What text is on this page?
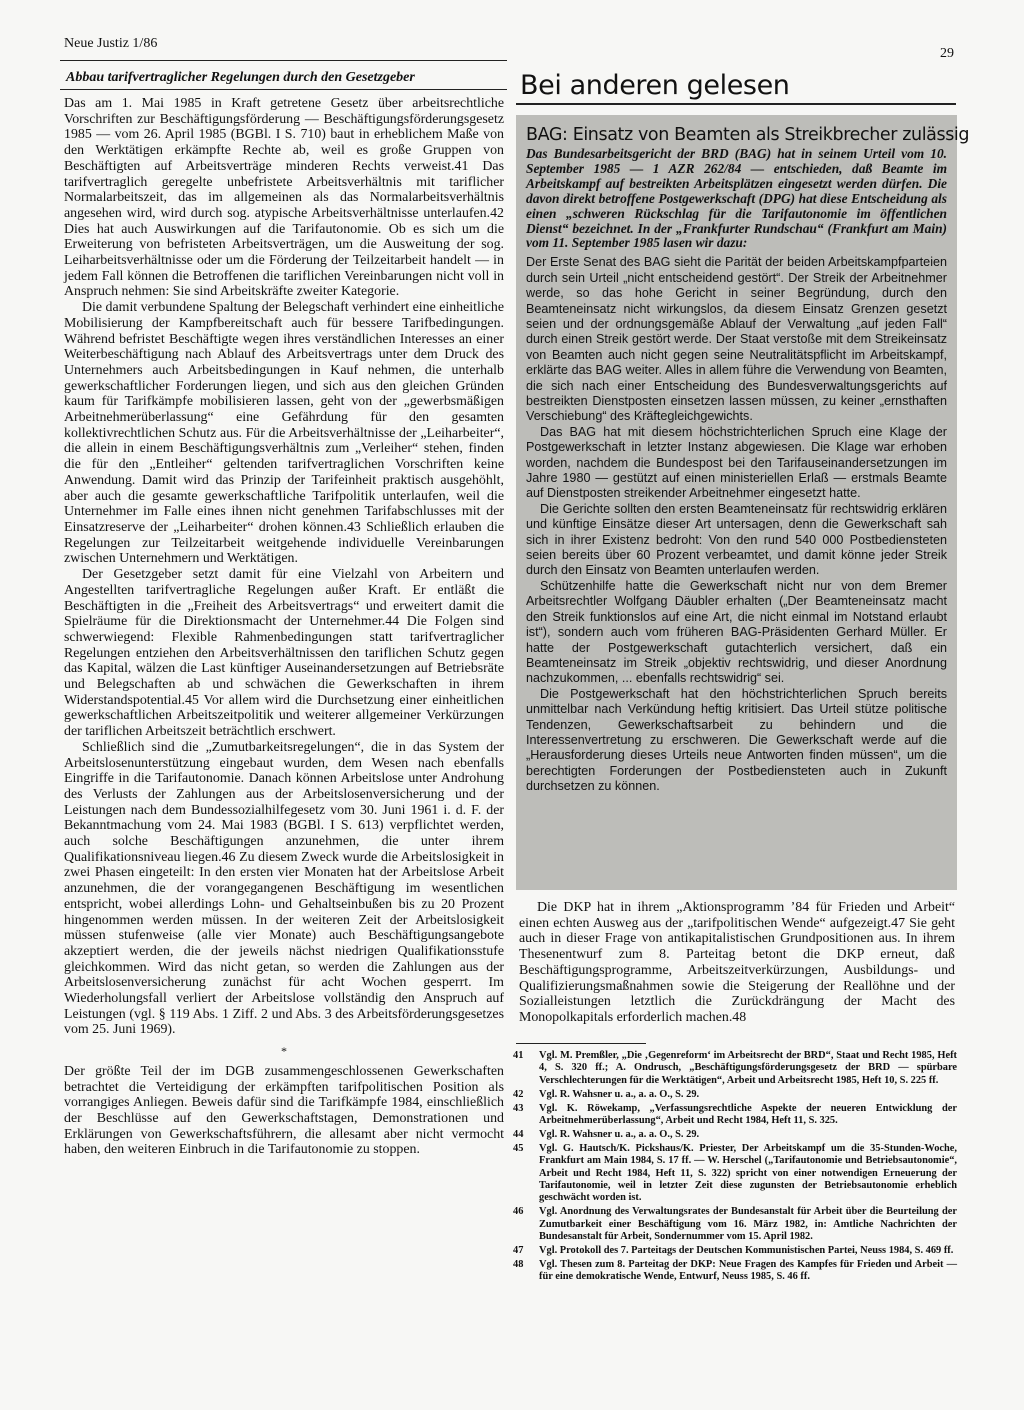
Neue Justiz 1/86
29
Abbau tarifvertraglicher Regelungen durch den Gesetzgeber

Das am 1. Mai 1985 in Kraft getretene Gesetz über arbeitsrechtliche Vorschriften zur Beschäftigungsförderung — Beschäftigungsförderungsgesetz 1985 — vom 26. April 1985 (BGBl. I S. 710) baut in erheblichem Maße von den Werktätigen erkämpfte Rechte ab, weil es große Gruppen von Beschäftigten auf Arbeitsverträge minderen Rechts verweist.41 Das tarifvertraglich geregelte unbefristete Arbeitsverhältnis mit tariflicher Normalarbeitszeit, das im allgemeinen als das Normalarbeitsverhältnis angesehen wird, wird durch sog. atypische Arbeitsverhältnisse unterlaufen.42 Dies hat auch Auswirkungen auf die Tarifautonomie. Ob es sich um die Erweiterung von befristeten Arbeitsverträgen, um die Ausweitung der sog. Leiharbeitsverhältnisse oder um die Förderung der Teilzeitarbeit handelt — in jedem Fall können die Betroffenen die tariflichen Vereinbarungen nicht voll in Anspruch nehmen: Sie sind Arbeitskräfte zweiter Kategorie.

Die damit verbundene Spaltung der Belegschaft verhindert eine einheitliche Mobilisierung der Kampfbereitschaft auch für bessere Tarifbedingungen. Während befristet Beschäftigte wegen ihres verständlichen Interesses an einer Weiterbeschäftigung nach Ablauf des Arbeitsvertrags unter dem Druck des Unternehmers auch Arbeitsbedingungen in Kauf nehmen, die unterhalb gewerkschaftlicher Forderungen liegen, und sich aus den gleichen Gründen kaum für Tarifkämpfe mobilisieren lassen, geht von der „gewerbsmäßigen Arbeitnehmerüberlassung“ eine Gefährdung für den gesamten kollektivrechtlichen Schutz aus. Für die Arbeitsverhältnisse der „Leiharbeiter“, die allein in einem Beschäftigungsverhältnis zum „Verleiher“ stehen, finden die für den „Entleiher“ geltenden tarifvertraglichen Vorschriften keine Anwendung. Damit wird das Prinzip der Tarifeinheit praktisch ausgehöhlt, aber auch die gesamte gewerkschaftliche Tarifpolitik unterlaufen, weil die Unternehmer im Falle eines ihnen nicht genehmen Tarifabschlusses mit der Einsatzreserve der „Leiharbeiter“ drohen können.43 Schließlich erlauben die Regelungen zur Teilzeitarbeit weitgehende individuelle Vereinbarungen zwischen Unternehmern und Werktätigen.

Der Gesetzgeber setzt damit für eine Vielzahl von Arbeitern und Angestellten tarifvertragliche Regelungen außer Kraft. Er entläßt die Beschäftigten in die „Freiheit des Arbeitsvertrags“ und erweitert damit die Spielräume für die Direktionsmacht der Unternehmer.44 Die Folgen sind schwerwiegend: Flexible Rahmenbedingungen statt tarifvertraglicher Regelungen entziehen den Arbeitsverhältnissen den tariflichen Schutz gegen das Kapital, wälzen die Last künftiger Auseinandersetzungen auf Betriebsräte und Belegschaften ab und schwächen die Gewerkschaften in ihrem Widerstandspotential.45 Vor allem wird die Durchsetzung einer einheitlichen gewerkschaftlichen Arbeitszeitpolitik und weiterer allgemeiner Verkürzungen der tariflichen Arbeitszeit beträchtlich erschwert.

Schließlich sind die „Zumutbarkeitsregelungen“, die in das System der Arbeitslosenunterstützung eingebaut wurden, dem Wesen nach ebenfalls Eingriffe in die Tarifautonomie. Danach können Arbeitslose unter Androhung des Verlusts der Zahlungen aus der Arbeitslosenversicherung und der Leistungen nach dem Bundessozialhilfegesetz vom 30. Juni 1961 i. d. F. der Bekanntmachung vom 24. Mai 1983 (BGBl. I S. 613) verpflichtet werden, auch solche Beschäftigungen anzunehmen, die unter ihrem Qualifikationsniveau liegen.46 Zu diesem Zweck wurde die Arbeitslosigkeit in zwei Phasen eingeteilt: In den ersten vier Monaten hat der Arbeitslose Arbeit anzunehmen, die der vorangegangenen Beschäftigung im wesentlichen entspricht, wobei allerdings Lohn- und Gehaltseinbußen bis zu 20 Prozent hingenommen werden müssen. In der weiteren Zeit der Arbeitslosigkeit müssen stufenweise (alle vier Monate) auch Beschäftigungsangebote akzeptiert werden, die der jeweils nächst niedrigen Qualifikationsstufe gleichkommen. Wird das nicht getan, so werden die Zahlungen aus der Arbeitslosenversicherung zunächst für acht Wochen gesperrt. Im Wiederholungsfall verliert der Arbeitslose vollständig den Anspruch auf Leistungen (vgl. § 119 Abs. 1 Ziff. 2 und Abs. 3 des Arbeitsförderungsgesetzes vom 25. Juni 1969).

*

Der größte Teil der im DGB zusammengeschlossenen Gewerkschaften betrachtet die Verteidigung der erkämpften tarifpolitischen Position als vorrangiges Anliegen. Beweis dafür sind die Tarifkämpfe 1984, einschließlich der Beschlüsse auf den Gewerkschaftstagen, Demonstrationen und Erklärungen von Gewerkschaftsführern, die allesamt aber nicht vermocht haben, den weiteren Einbruch in die Tarifautonomie zu stoppen.

Bei anderen gelesen
BAG: Einsatz von Beamten als Streikbrecher zulässig
Das Bundesarbeitsgericht der BRD (BAG) hat in seinem Urteil vom 10. September 1985 — 1 AZR 262/84 — entschieden, daß Beamte im Arbeitskampf auf bestreikten Arbeitsplätzen eingesetzt werden dürfen. Die davon direkt betroffene Postgewerkschaft (DPG) hat diese Entscheidung als einen „schweren Rückschlag für die Tarifautonomie im öffentlichen Dienst“ bezeichnet. In der „Frankfurter Rundschau“ (Frankfurt am Main) vom 11. September 1985 lasen wir dazu:

Der Erste Senat des BAG sieht die Parität der beiden Arbeitskampfparteien durch sein Urteil „nicht entscheidend gestört“. Der Streik der Arbeitnehmer werde, so das hohe Gericht in seiner Begründung, durch den Beamteneinsatz nicht wirkungslos, da diesem Einsatz Grenzen gesetzt seien und der ordnungsgemäße Ablauf der Verwaltung „auf jeden Fall“ durch einen Streik gestört werde. Der Staat verstoße mit dem Streikeinsatz von Beamten auch nicht gegen seine Neutralitätspflicht im Arbeitskampf, erklärte das BAG weiter. Alles in allem führe die Verwendung von Beamten, die sich nach einer Entscheidung des Bundesverwaltungsgerichts auf bestreikten Dienstposten einsetzen lassen müssen, zu keiner „ernsthaften Verschiebung“ des Kräftegleichgewichts.

Das BAG hat mit diesem höchstrichterlichen Spruch eine Klage der Postgewerkschaft in letzter Instanz abgewiesen. Die Klage war erhoben worden, nachdem die Bundespost bei den Tarifauseinandersetzungen im Jahre 1980 — gestützt auf einen ministeriellen Erlaß — erstmals Beamte auf Dienstposten streikender Arbeitnehmer eingesetzt hatte.

Die Gerichte sollten den ersten Beamteneinsatz für rechtswidrig erklären und künftige Einsätze dieser Art untersagen, denn die Gewerkschaft sah sich in ihrer Existenz bedroht: Von den rund 540 000 Postbediensteten seien bereits über 60 Prozent verbeamtet, und damit könne jeder Streik durch den Einsatz von Beamten unterlaufen werden.

Schützenhilfe hatte die Gewerkschaft nicht nur von dem Bremer Arbeitsrechtler Wolfgang Däubler erhalten („Der Beamteneinsatz macht den Streik funktionslos auf eine Art, die nicht einmal im Notstand erlaubt ist“), sondern auch vom früheren BAG-Präsidenten Gerhard Müller. Er hatte der Postgewerkschaft gutachterlich versichert, daß ein Beamteneinsatz im Streik „objektiv rechtswidrig, und dieser Anordnung nachzukommen, ... ebenfalls rechtswidrig“ sei.

Die Postgewerkschaft hat den höchstrichterlichen Spruch bereits unmittelbar nach Verkündung heftig kritisiert. Das Urteil stütze politische Tendenzen, Gewerkschaftsarbeit zu behindern und die Interessenvertretung zu erschweren. Die Gewerkschaft werde auf die „Herausforderung dieses Urteils neue Antworten finden müssen“, um die berechtigten Forderungen der Postbediensteten auch in Zukunft durchsetzen zu können.

Die DKP hat in ihrem „Aktionsprogramm ’84 für Frieden und Arbeit“ einen echten Ausweg aus der „tarifpolitischen Wende“ aufgezeigt.47 Sie geht auch in dieser Frage von antikapitalistischen Grundpositionen aus. In ihrem Thesenentwurf zum 8. Parteitag betont die DKP erneut, daß Beschäftigungsprogramme, Arbeitszeitverkürzungen, Ausbildungs- und Qualifizierungsmaßnahmen sowie die Steigerung der Reallöhne und der Sozialleistungen letztlich die Zurückdrängung der Macht des Monopolkapitals erforderlich machen.48

41	Vgl. M. Premßler, „Die ‚Gegenreform‘ im Arbeitsrecht der BRD“, Staat und Recht 1985, Heft 4, S. 320 ff.; A. Ondrusch, „Beschäftigungsförderungsgesetz der BRD — spürbare Verschlechterungen für die Werktätigen“, Arbeit und Arbeitsrecht 1985, Heft 10, S. 225 ff.
42	Vgl. R. Wahsner u. a., a. a. O., S. 29.
43	Vgl. K. Röwekamp, „Verfassungsrechtliche Aspekte der neueren Entwicklung der Arbeitnehmerüberlassung“, Arbeit und Recht 1984, Heft 11, S. 325.
44	Vgl. R. Wahsner u. a., a. a. O., S. 29.
45	Vgl. G. Hautsch/K. Pickshaus/K. Priester, Der Arbeitskampf um die 35-Stunden-Woche, Frankfurt am Main 1984, S. 17 ff. — W. Herschel („Tarifautonomie und Betriebsautonomie“, Arbeit und Recht 1984, Heft 11, S. 322) spricht von einer notwendigen Erneuerung der Tarifautonomie, weil in letzter Zeit diese zugunsten der Betriebsautonomie erheblich geschwächt worden ist.
46	Vgl. Anordnung des Verwaltungsrates der Bundesanstalt für Arbeit über die Beurteilung der Zumutbarkeit einer Beschäftigung vom 16. März 1982, in: Amtliche Nachrichten der Bundesanstalt für Arbeit, Sondernummer vom 15. April 1982.
47	Vgl. Protokoll des 7. Parteitags der Deutschen Kommunistischen Partei, Neuss 1984, S. 469 ff.
48	Vgl. Thesen zum 8. Parteitag der DKP: Neue Fragen des Kampfes für Frieden und Arbeit — für eine demokratische Wende, Entwurf, Neuss 1985, S. 46 ff.
